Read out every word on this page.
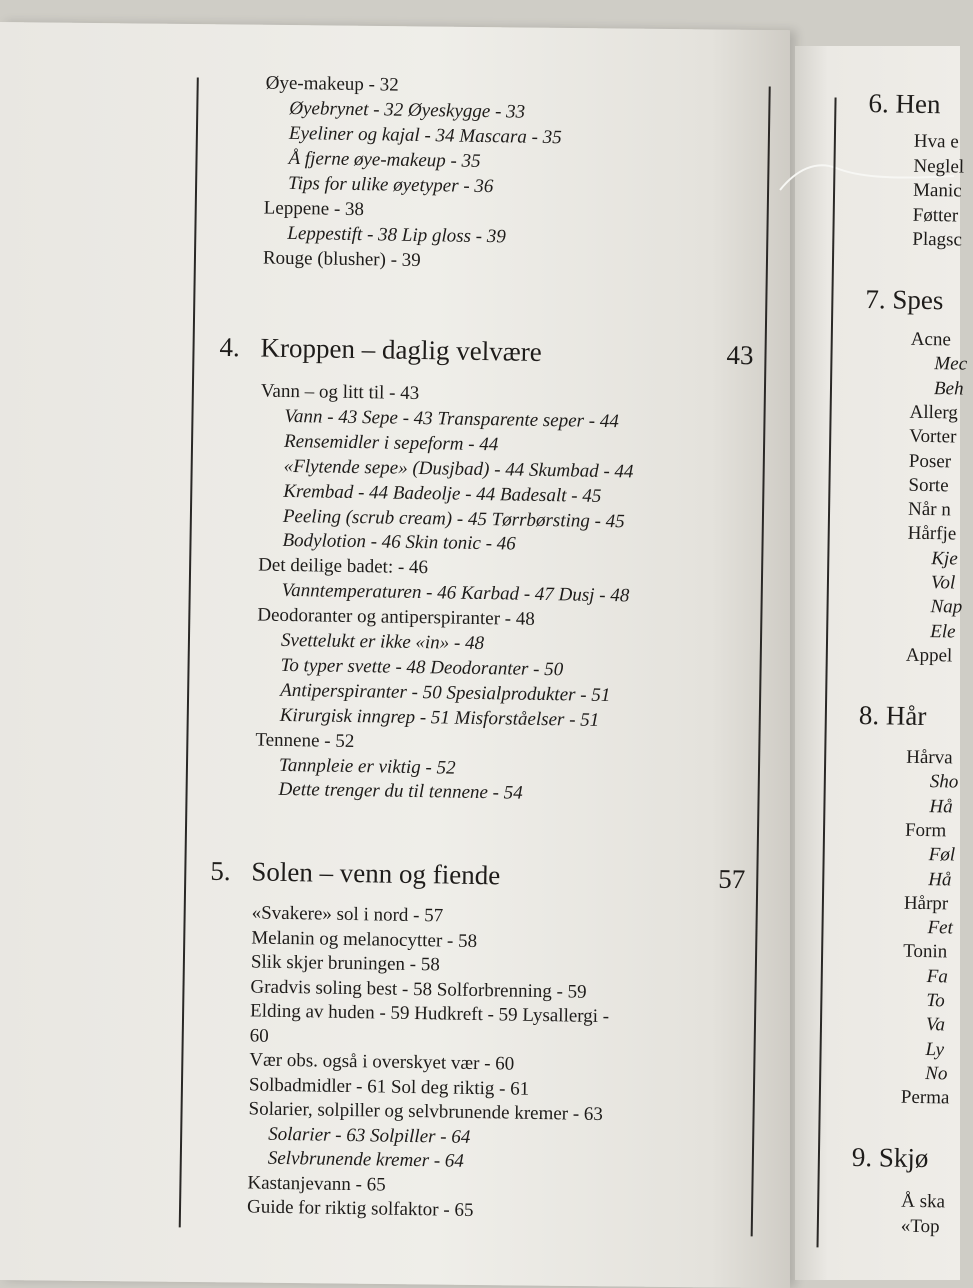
Øye-makeup - 32
Øyebrynet - 32 Øyeskygge - 33
Eyeliner og kajal - 34 Mascara - 35
Å fjerne øye-makeup - 35
Tips for ulike øyetyper - 36
Leppene - 38
Leppestift - 38 Lip gloss - 39
Rouge (blusher) - 39
4. Kroppen – daglig velvære	43
Vann – og litt til - 43
Vann - 43 Sepe - 43 Transparente seper - 44
Rensemidler i sepeform - 44
«Flytende sepe» (Dusjbad) - 44 Skumbad - 44
Krembad - 44 Badeolje - 44 Badesalt - 45
Peeling (scrub cream) - 45 Tørrbørsting - 45
Bodylotion - 46 Skin tonic - 46
Det deilige badet: - 46
Vanntemperaturen - 46 Karbad - 47 Dusj - 48
Deodoranter og antiperspiranter - 48
Svettelukt er ikke «in» - 48
To typer svette - 48 Deodoranter - 50
Antiperspiranter - 50 Spesialprodukter - 51
Kirurgisk inngrep - 51 Misforståelser - 51
Tennene - 52
Tannpleie er viktig - 52
Dette trenger du til tennene - 54
5. Solen – venn og fiende	57
«Svakere» sol i nord - 57
Melanin og melanocytter - 58
Slik skjer bruningen - 58
Gradvis soling best - 58 Solforbrenning - 59
Elding av huden - 59 Hudkreft - 59 Lysallergi -
60
Vær obs. også i overskyet vær - 60
Solbadmidler - 61 Sol deg riktig - 61
Solarier, solpiller og selvbrunende kremer - 63
Solarier - 63 Solpiller - 64
Selvbrunende kremer - 64
Kastanjevann - 65
Guide for riktig solfaktor - 65
6. Hen
Hva e
Neglel
Manic
Føtter
Plagsc
7. Spes
Acne
Mec
Beh
Allerg
Vorter
Poser
Sorte
Når n
Hårfje
Kje
Vol
Nap
Ele
Appel
8. Hår
Hårva
Sho
Hå
Form
Føl
Hå
Hårpr
Fet
Tonin
Fa
To
Va
Ly
No
Perma
9. Skjø
Å ska
«Top
